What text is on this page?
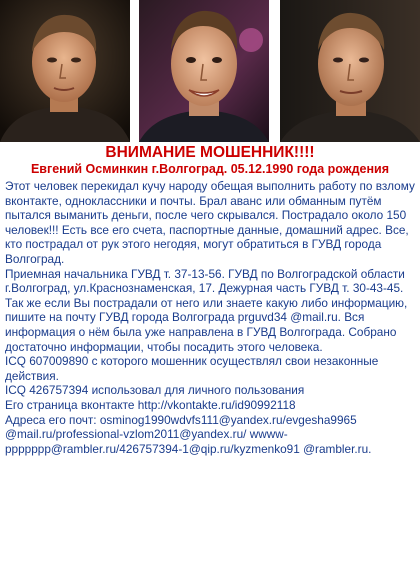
ВНИМАНИЕ МОШЕННИК!!!!
Евгений Осминкин г.Волгоград. 05.12.1990 года рождения

Этот человек перекидал кучу народу обещая выполнить работу по взлому вконтакте, одноклассники и почты. Брал аванс или обманным путём пытался выманить деньги, после чего скрывался. Пострадало около 150 человек!!! Есть все его счета, паспортные данные, домашний адрес. Все, кто пострадал от рук этого негодяя, могут обратиться в ГУВД города Волгоград.

Приемная начальника ГУВД т. 37-13-56. ГУВД по Волгоградской области г.Волгоград, ул.Краснознаменская, 17. Дежурная часть ГУВД т. 30-43-45.

Так же если Вы пострадали от него или знаете какую либо информацию, пишите на почту ГУВД города Волгограда prguvd34 @mail.ru. Вся информация о нём была уже направлена в ГУВД Волгограда. Собрано достаточно информации, чтобы посадить этого человека.

ICQ 607009890 с которого мошенник осуществлял свои незаконные действия.

ICQ 426757394 использовал для личного пользования

Его страница вконтакте http://vkontakte.ru/id90992118

Адреса его почт: osminog1990wdvfs111@yandex.ru/evgesha9965 @mail.ru/professional-vzlom2011@yandex.ru/ wwww-ppppppp@rambler.ru/426757394-1@qip.ru/kyzmenko91 @rambler.ru.
